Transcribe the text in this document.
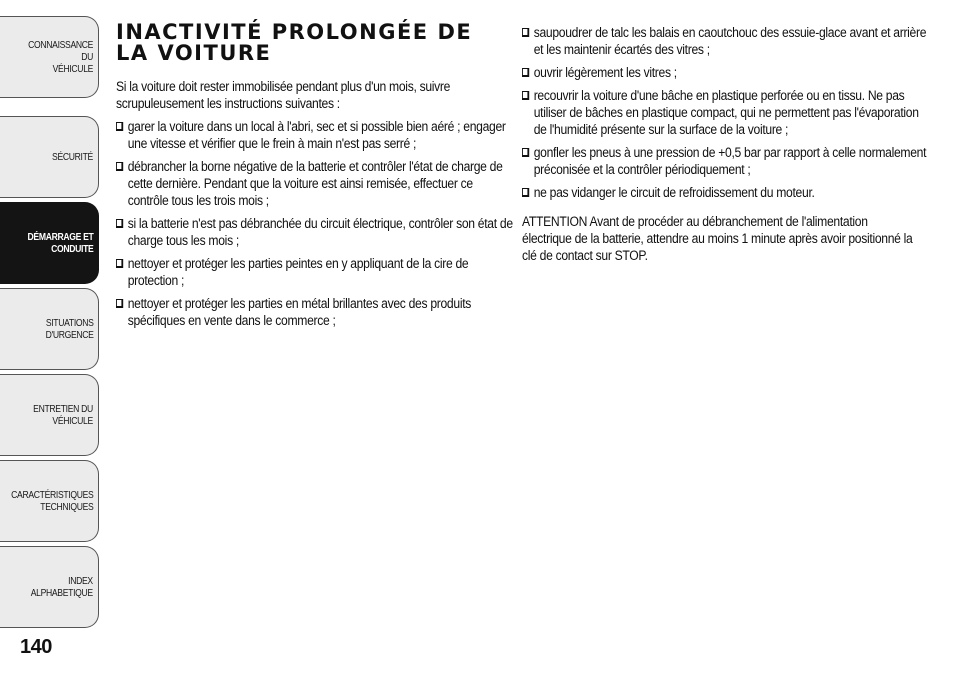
CONNAISSANCE DU
VÉHICULE
SÉCURITÉ
DÉMARRAGE ET
CONDUITE
SITUATIONS
D'URGENCE
ENTRETIEN DU
VÉHICULE
CARACTÉRISTIQUES
TECHNIQUES
INDEX
ALPHABETIQUE
140
INACTIVITÉ PROLONGÉE DE LA VOITURE

Si la voiture doit rester immobilisée pendant plus d'un mois, suivre scrupuleusement les instructions suivantes :

garer la voiture dans un local à l'abri, sec et si possible bien aéré ; engager une vitesse et vérifier que le frein à main n'est pas serré ;
débrancher la borne négative de la batterie et contrôler l'état de charge de cette dernière. Pendant que la voiture est ainsi remisée, effectuer ce contrôle tous les trois mois ;
si la batterie n'est pas débranchée du circuit électrique, contrôler son état de charge tous les mois ;
nettoyer et protéger les parties peintes en y appliquant de la cire de protection ;
nettoyer et protéger les parties en métal brillantes avec des produits spécifiques en vente dans le commerce ;
saupoudrer de talc les balais en caoutchouc des essuie-glace avant et arrière et les maintenir écartés des vitres ;
ouvrir légèrement les vitres ;
recouvrir la voiture d'une bâche en plastique perforée ou en tissu. Ne pas utiliser de bâches en plastique compact, qui ne permettent pas l'évaporation de l'humidité présente sur la surface de la voiture ;
gonfler les pneus à une pression de +0,5 bar par rapport à celle normalement préconisée et la contrôler périodiquement ;
ne pas vidanger le circuit de refroidissement du moteur.

ATTENTION Avant de procéder au débranchement de l'alimentation électrique de la batterie, attendre au moins 1 minute après avoir positionné la clé de contact sur STOP.
